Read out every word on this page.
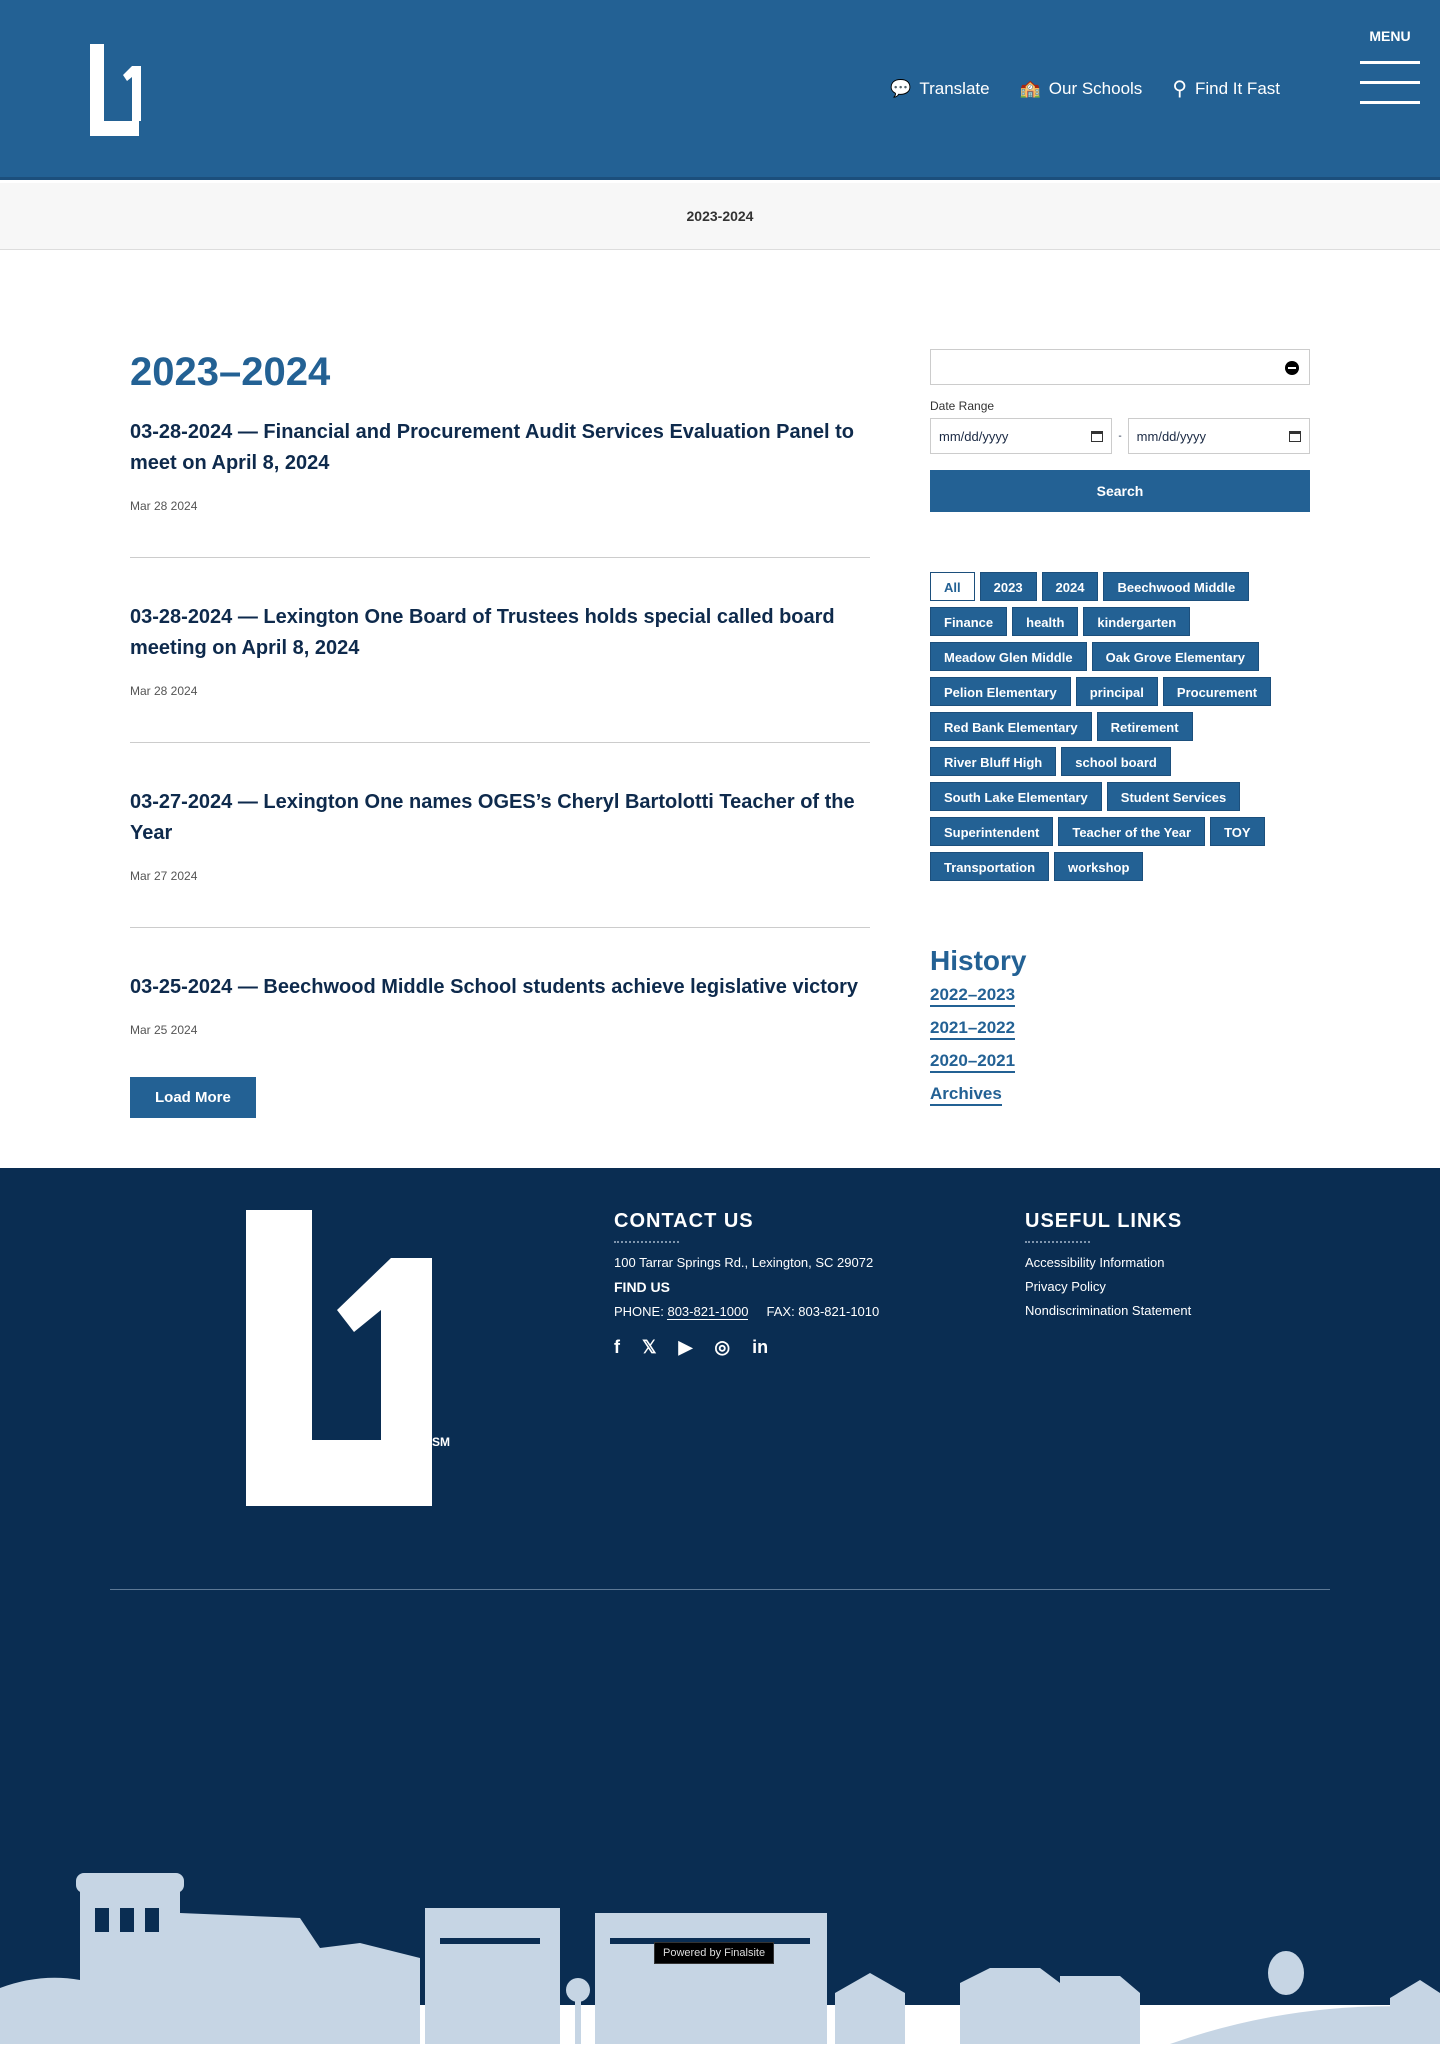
💬 Translate 🏫 Our Schools ⚲ Find It Fast
MENU
2023-2024
2023–2024
03-28-2024 — Financial and Procurement Audit Services Evaluation Panel to meet on April 8, 2024
Mar 28 2024
03-28-2024 — Lexington One Board of Trustees holds special called board meeting on April 8, 2024
Mar 28 2024
03-27-2024 — Lexington One names OGES’s Cheryl Bartolotti Teacher of the Year
Mar 27 2024
03-25-2024 — Beechwood Middle School students achieve legislative victory
Mar 25 2024
Load More
Date Range
mm/dd/yyyy	- mm/dd/yyyy
Search
All	2023	2024	Beechwood Middle
Finance	health	kindergarten
Meadow Glen Middle	Oak Grove Elementary
Pelion Elementary	principal	Procurement
Red Bank Elementary	Retirement
River Bluff High	school board
South Lake Elementary	Student Services
Superintendent	Teacher of the Year	TOY
Transportation	workshop
History
2022–2023
2021–2022
2020–2021
Archives
SM
CONTACT US

100 Tarrar Springs Rd., Lexington, SC 29072

FIND US

PHONE: 803-821-1000 FAX: 803-821-1010

f 𝕏 ▶ ◎ in
USEFUL LINKS
Accessibility Information
Privacy Policy
Nondiscrimination Statement
Powered by Finalsite
